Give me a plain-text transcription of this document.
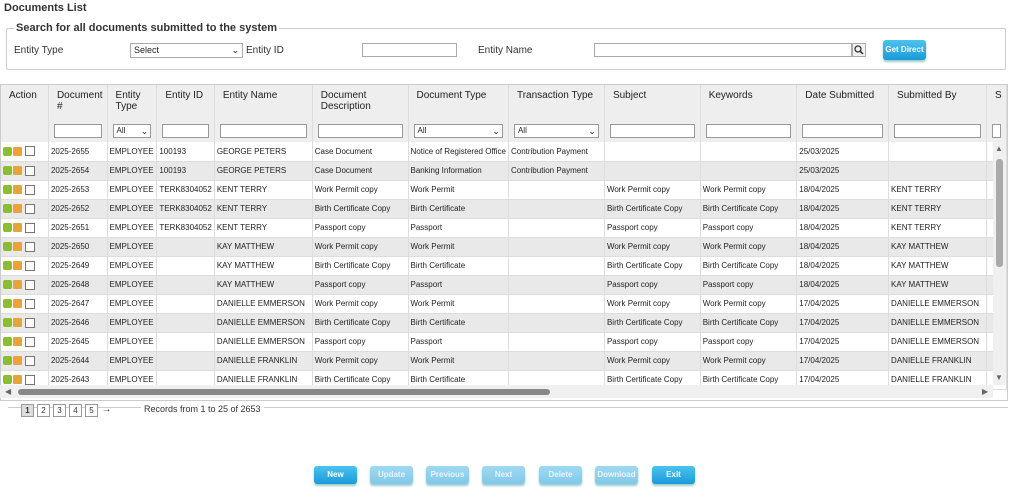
Documents List
Search for all documents submitted to the system
Entity Type	Select	⌄ Entity ID	Entity Name	Get Direct
Action	Document #	Entity Type	Entity ID	Entity Name	Document Description	Document Type	Transaction Type	Subject	Keywords	Date Submitted	Submitted By	S

		All ⌄				All ⌄	All ⌄					

	2025-2655	EMPLOYEE	100193	GEORGE PETERS	Case Document	Notice of Registered Office	Contribution Payment			25/03/2025		

	2025-2654	EMPLOYEE	100193	GEORGE PETERS	Case Document	Banking Information	Contribution Payment			25/03/2025		

	2025-2653	EMPLOYEE	TERK8304052	KENT TERRY	Work Permit copy	Work Permit		Work Permit copy	Work Permit copy	18/04/2025	KENT TERRY	

	2025-2652	EMPLOYEE	TERK8304052	KENT TERRY	Birth Certificate Copy	Birth Certificate		Birth Certificate Copy	Birth Certificate Copy	18/04/2025	KENT TERRY	

	2025-2651	EMPLOYEE	TERK8304052	KENT TERRY	Passport copy	Passport		Passport copy	Passport copy	18/04/2025	KENT TERRY	

	2025-2650	EMPLOYEE		KAY MATTHEW	Work Permit copy	Work Permit		Work Permit copy	Work Permit copy	18/04/2025	KAY MATTHEW	

	2025-2649	EMPLOYEE		KAY MATTHEW	Birth Certificate Copy	Birth Certificate		Birth Certificate Copy	Birth Certificate Copy	18/04/2025	KAY MATTHEW	

	2025-2648	EMPLOYEE		KAY MATTHEW	Passport copy	Passport		Passport copy	Passport copy	18/04/2025	KAY MATTHEW	

	2025-2647	EMPLOYEE		DANIELLE EMMERSON	Work Permit copy	Work Permit		Work Permit copy	Work Permit copy	17/04/2025	DANIELLE EMMERSON	

	2025-2646	EMPLOYEE		DANIELLE EMMERSON	Birth Certificate Copy	Birth Certificate		Birth Certificate Copy	Birth Certificate Copy	17/04/2025	DANIELLE EMMERSON	

	2025-2645	EMPLOYEE		DANIELLE EMMERSON	Passport copy	Passport		Passport copy	Passport copy	17/04/2025	DANIELLE EMMERSON	

	2025-2644	EMPLOYEE		DANIELLE FRANKLIN	Work Permit copy	Work Permit		Work Permit copy	Work Permit copy	17/04/2025	DANIELLE FRANKLIN	

	2025-2643	EMPLOYEE		DANIELLE FRANKLIN	Birth Certificate Copy	Birth Certificate		Birth Certificate Copy	Birth Certificate Copy	17/04/2025	DANIELLE FRANKLIN	
▲
▼
◀	▶
1	2	3	4	5 →	Records from 1 to 25 of 2653
New	Update	Previous	Next	Delete	Download	Exit
